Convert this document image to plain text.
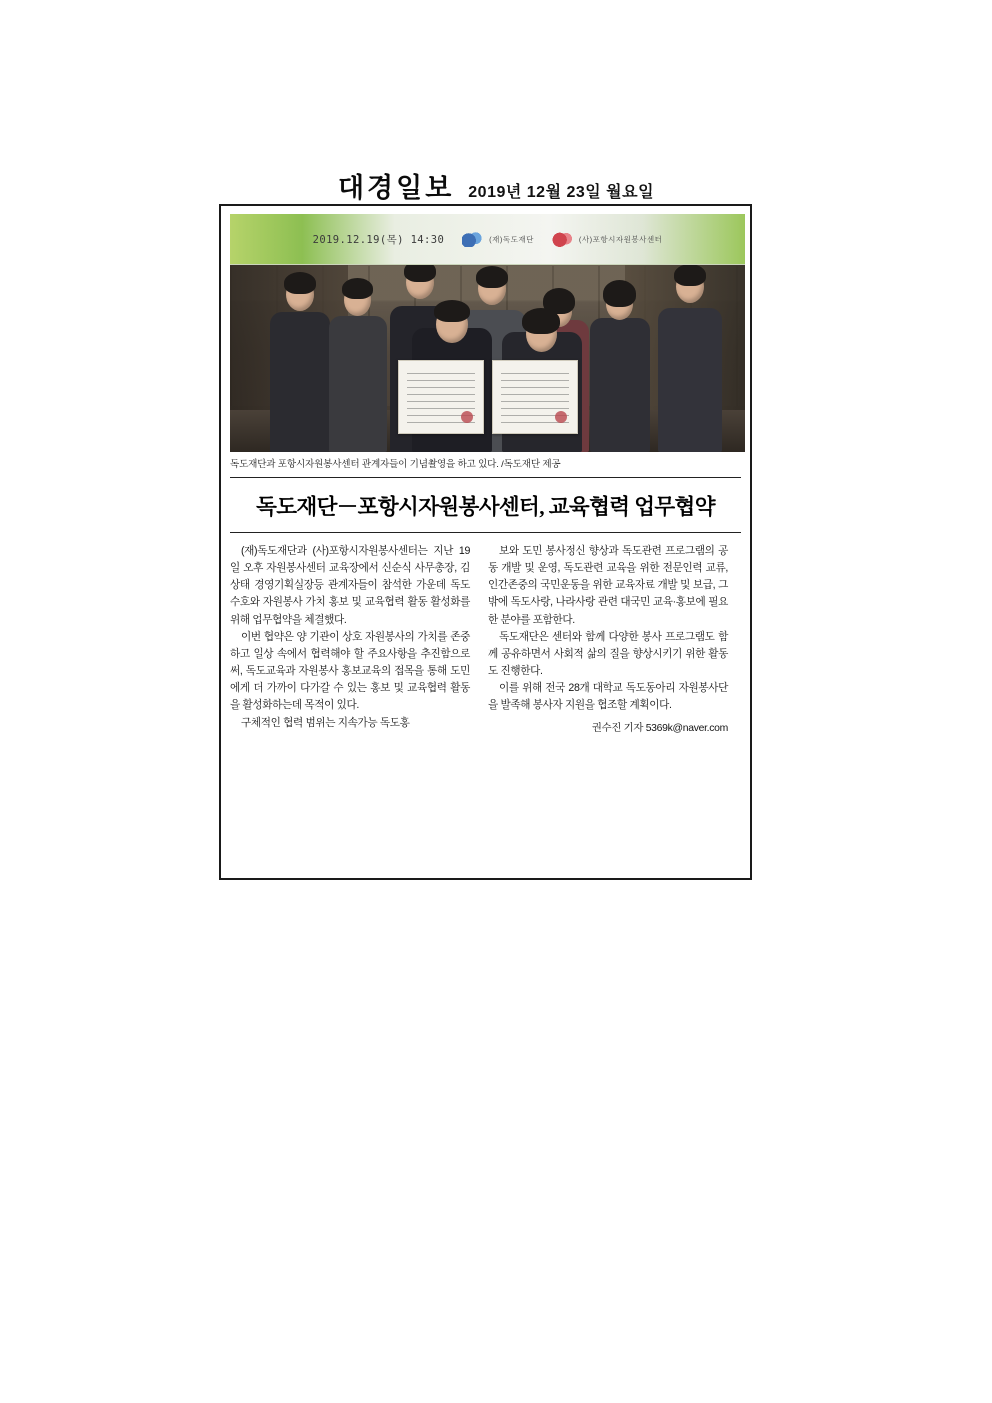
대경일보 2019년 12월 23일 월요일
2019.12.19(목) 14:30	(재)독도재단	(사)포항시자원봉사센터
독도재단과 포항시자원봉사센터 관계자들이 기념촬영을 하고 있다. /독도재단 제공
독도재단－포항시자원봉사센터, 교육협력 업무협약

(재)독도재단과 (사)포항시자원봉사센터는 지난 19일 오후 자원봉사센터 교육장에서 신순식 사무총장, 김상태 경영기획실장등 관계자들이 참석한 가운데 독도수호와 자원봉사 가치 홍보 및 교육협력 활동 활성화를 위해 업무협약을 체결했다.

이번 협약은 양 기관이 상호 자원봉사의 가치를 존중하고 일상 속에서 협력해야 할 주요사항을 추진함으로써, 독도교육과 자원봉사 홍보교육의 접목을 통해 도민에게 더 가까이 다가갈 수 있는 홍보 및 교육협력 활동을 활성화하는데 목적이 있다.

구체적인 협력 범위는 지속가능 독도홍

보와 도민 봉사정신 향상과 독도관련 프로그램의 공동 개발 및 운영, 독도관련 교육을 위한 전문인력 교류, 인간존중의 국민운동을 위한 교육자료 개발 및 보급, 그 밖에 독도사랑, 나라사랑 관련 대국민 교육·홍보에 필요한 분야를 포함한다.

독도재단은 센터와 함께 다양한 봉사 프로그램도 함께 공유하면서 사회적 삶의 질을 향상시키기 위한 활동도 진행한다.

이를 위해 전국 28개 대학교 독도동아리 자원봉사단을 발족해 봉사자 지원을 협조할 계획이다.

권수진 기자 5369k@naver.com
